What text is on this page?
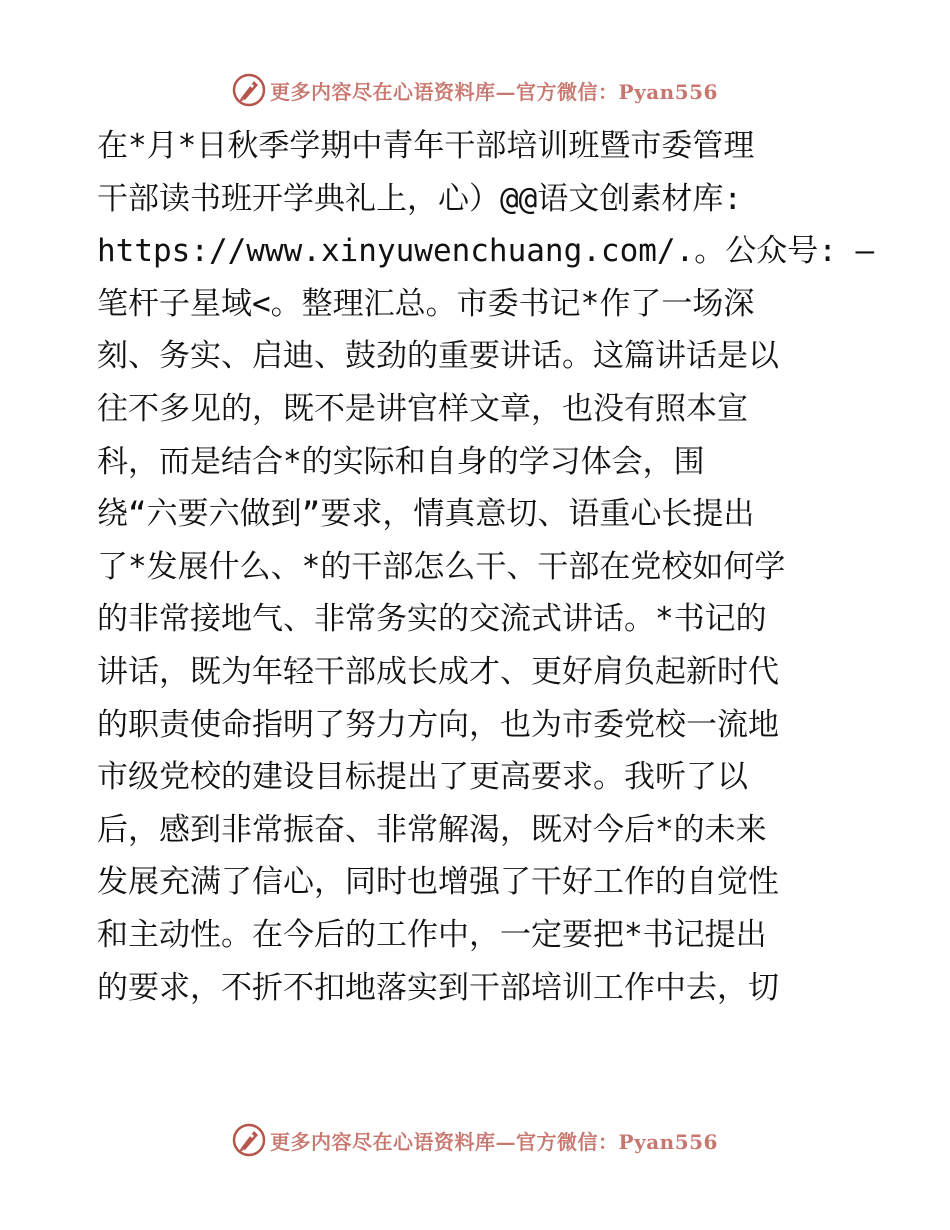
更多内容尽在心语资料库—官方微信：Pyan556
在*月*日秋季学期中青年干部培训班暨市委管理
干部读书班开学典礼上，心）@@语文创素材库:
https://www.xinyuwenchuang.com/.。公众号: —
笔杆子星域<。整理汇总。市委书记*作了一场深
刻、务实、启迪、鼓劲的重要讲话。这篇讲话是以
往不多见的，既不是讲官样文章，也没有照本宣
科，而是结合*的实际和自身的学习体会，围
绕“六要六做到”要求，情真意切、语重心长提出
了*发展什么、*的干部怎么干、干部在党校如何学
的非常接地气、非常务实的交流式讲话。*书记的
讲话，既为年轻干部成长成才、更好肩负起新时代
的职责使命指明了努力方向，也为市委党校一流地
市级党校的建设目标提出了更高要求。我听了以
后，感到非常振奋、非常解渴，既对今后*的未来
发展充满了信心，同时也增强了干好工作的自觉性
和主动性。在今后的工作中，一定要把*书记提出
的要求，不折不扣地落实到干部培训工作中去，切
更多内容尽在心语资料库—官方微信：Pyan556
